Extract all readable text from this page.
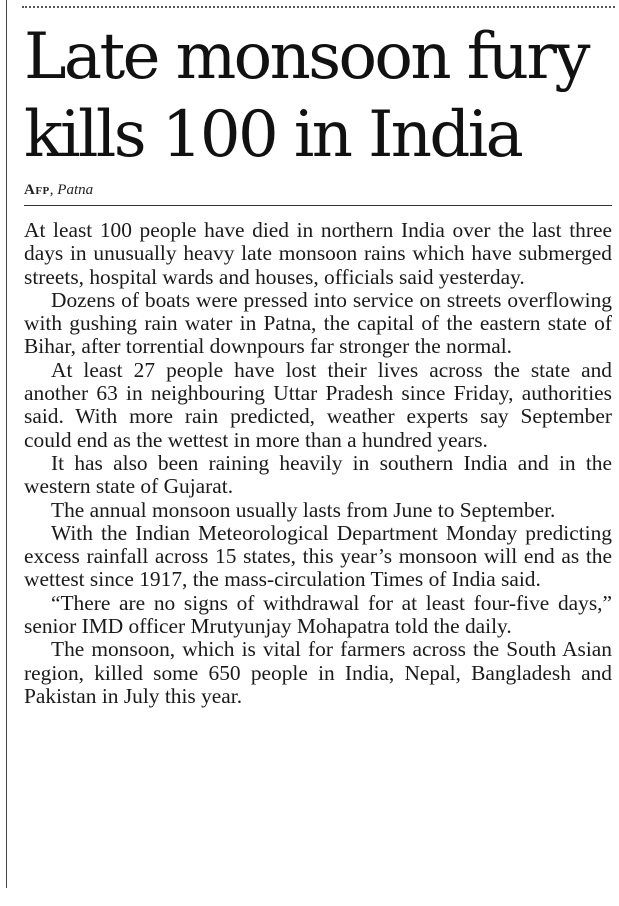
Late monsoon fury
kills 100 in India
Afp, Patna

At least 100 people have died in northern India over the last three days in unusually heavy late monsoon rains which have submerged streets, hospital wards and houses, officials said yesterday.

Dozens of boats were pressed into service on streets overflowing with gushing rain water in Patna, the capital of the eastern state of Bihar, after torrential downpours far stronger the normal.

At least 27 people have lost their lives across the state and another 63 in neighbouring Uttar Pradesh since Friday, authorities said. With more rain predicted, weather experts say September could end as the wettest in more than a hundred years.

It has also been raining heavily in southern India and in the western state of Gujarat.

The annual monsoon usually lasts from June to September.

With the Indian Meteorological Department Monday predicting excess rainfall across 15 states, this year’s monsoon will end as the wettest since 1917, the mass-circulation Times of India said.

“There are no signs of withdrawal for at least four-five days,” senior IMD officer Mrutyunjay Mohapatra told the daily.

The monsoon, which is vital for farmers across the South Asian region, killed some 650 people in India, Nepal, Bangladesh and Pakistan in July this year.
